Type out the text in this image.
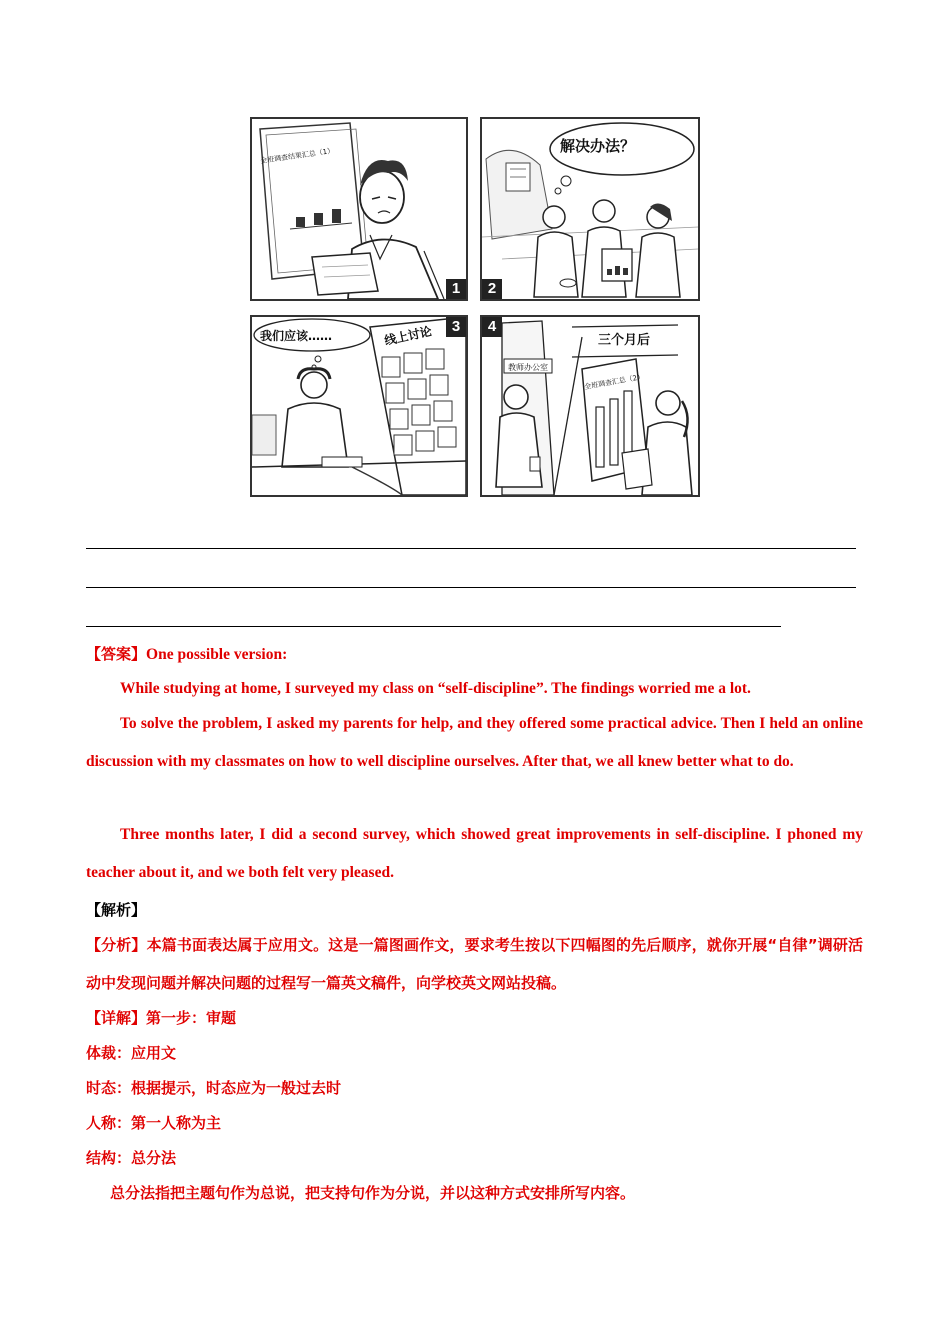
全班调查结果汇总（1）
1
解决办法？
2
我们应该……	线上讨论	3
三个月后
教师办公室
全班调查汇总（2）
4
【答案】One possible version:
While studying at home, I surveyed my class on “self-discipline”. The findings worried me a lot.
To solve the problem, I asked my parents for help, and they offered some practical advice. Then I held an online discussion with my classmates on how to well discipline ourselves. After that, we all knew better what to do.
Three months later, I did a second survey, which showed great improvements in self-discipline. I phoned my teacher about it, and we both felt very pleased.
【解析】
【分析】本篇书面表达属于应用文。这是一篇图画作文，要求考生按以下四幅图的先后顺序，就你开展“自律”调研活动中发现问题并解决问题的过程写一篇英文稿件，向学校英文网站投稿。
【详解】第一步：审题
体裁：应用文
时态：根据提示，时态应为一般过去时
人称：第一人称为主
结构：总分法
总分法指把主题句作为总说，把支持句作为分说，并以这种方式安排所写内容。
